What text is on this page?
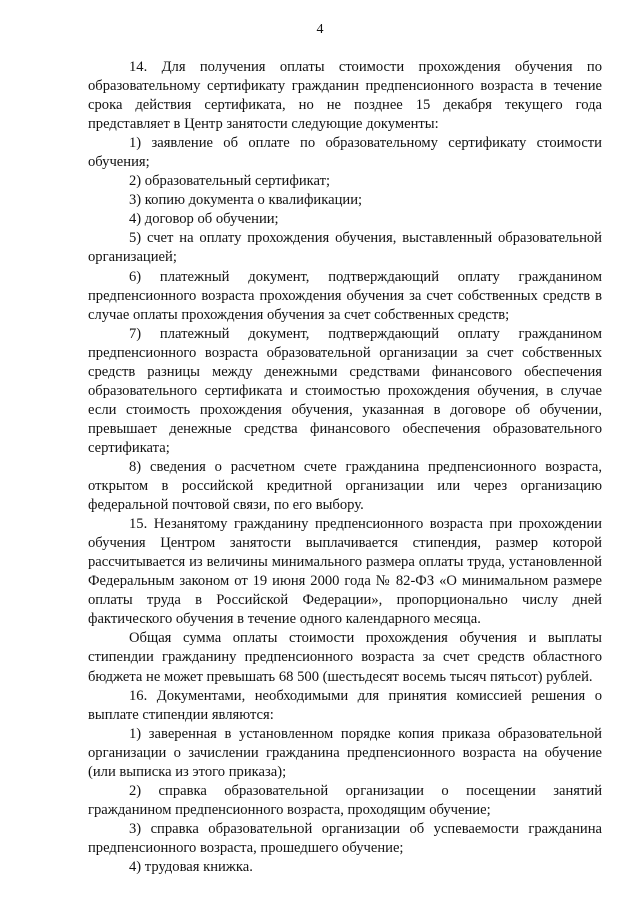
4

14. Для получения оплаты стоимости прохождения обучения по образовательному сертификату гражданин предпенсионного возраста в течение срока действия сертификата, но не позднее 15 декабря текущего года представляет в Центр занятости следующие документы:

1) заявление об оплате по образовательному сертификату стоимости обучения;

2) образовательный сертификат;

3) копию документа о квалификации;

4) договор об обучении;

5) счет на оплату прохождения обучения, выставленный образовательной организацией;

6) платежный документ, подтверждающий оплату гражданином предпенсионного возраста прохождения обучения за счет собственных средств в случае оплаты прохождения обучения за счет собственных средств;

7) платежный документ, подтверждающий оплату гражданином предпенсионного возраста образовательной организации за счет собственных средств разницы между денежными средствами финансового обеспечения образовательного сертификата и стоимостью прохождения обучения, в случае если стоимость прохождения обучения, указанная в договоре об обучении, превышает денежные средства финансового обеспечения образовательного сертификата;

8) сведения о расчетном счете гражданина предпенсионного возраста, открытом в российской кредитной организации или через организацию федеральной почтовой связи, по его выбору.

15. Незанятому гражданину предпенсионного возраста при прохождении обучения Центром занятости выплачивается стипендия, размер которой рассчитывается из величины минимального размера оплаты труда, установленной Федеральным законом от 19 июня 2000 года № 82-ФЗ «О минимальном размере оплаты труда в Российской Федерации», пропорционально числу дней фактического обучения в течение одного календарного месяца.

Общая сумма оплаты стоимости прохождения обучения и выплаты стипендии гражданину предпенсионного возраста за счет средств областного бюджета не может превышать 68 500 (шестьдесят восемь тысяч пятьсот) рублей.

16. Документами, необходимыми для принятия комиссией решения о выплате стипендии являются:

1) заверенная в установленном порядке копия приказа образовательной организации о зачислении гражданина предпенсионного возраста на обучение (или выписка из этого приказа);

2) справка образовательной организации о посещении занятий гражданином предпенсионного возраста, проходящим обучение;

3) справка образовательной организации об успеваемости гражданина предпенсионного возраста, прошедшего обучение;

4) трудовая книжка.
